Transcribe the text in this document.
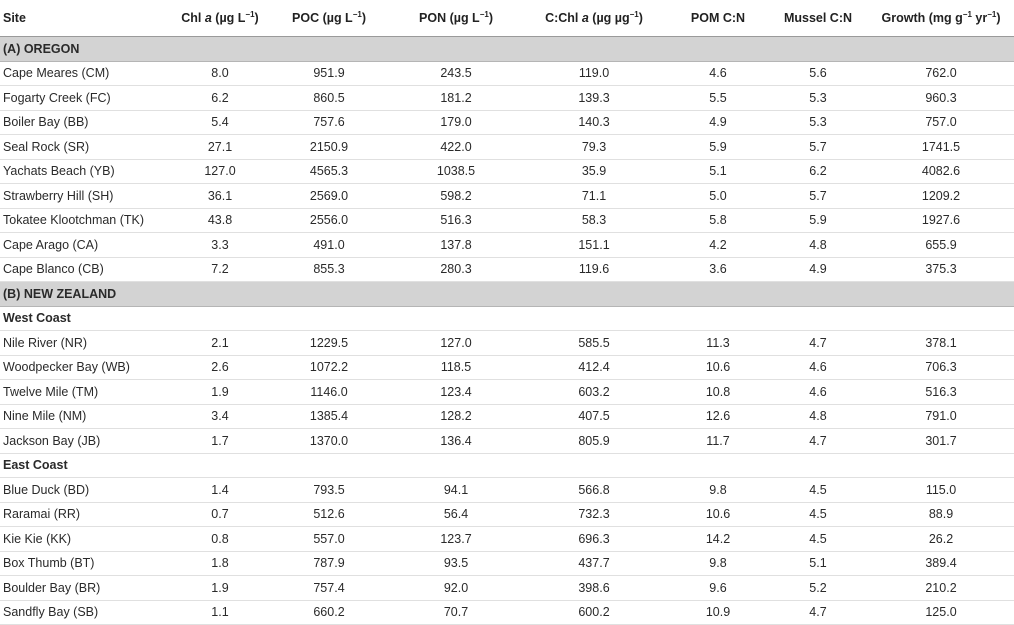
Site	Chl a (µg $L^{-1}$)	POC (µg $L^{-1}$)	PON (µg $L^{-1}$)	C:Chl a (µg µg$^{-1}$)	POM C:N	Mussel C:N	Growth (mg $g^{-1}$ $yr^{-1}$)
(A) OREGON							
Cape Meares (CM)	8.0	951.9	243.5	119.0	4.6	5.6	762.0
Fogarty Creek (FC)	6.2	860.5	181.2	139.3	5.5	5.3	960.3
Boiler Bay (BB)	5.4	757.6	179.0	140.3	4.9	5.3	757.0
Seal Rock (SR)	27.1	2150.9	422.0	79.3	5.9	5.7	1741.5
Yachats Beach (YB)	127.0	4565.3	1038.5	35.9	5.1	6.2	4082.6
Strawberry Hill (SH)	36.1	2569.0	598.2	71.1	5.0	5.7	1209.2
Tokatee Klootchman (TK)	43.8	2556.0	516.3	58.3	5.8	5.9	1927.6
Cape Arago (CA)	3.3	491.0	137.8	151.1	4.2	4.8	655.9
Cape Blanco (CB)	7.2	855.3	280.3	119.6	3.6	4.9	375.3
(B) NEW ZEALAND							
West Coast							
Nile River (NR)	2.1	1229.5	127.0	585.5	11.3	4.7	378.1
Woodpecker Bay (WB)	2.6	1072.2	118.5	412.4	10.6	4.6	706.3
Twelve Mile (TM)	1.9	1146.0	123.4	603.2	10.8	4.6	516.3
Nine Mile (NM)	3.4	1385.4	128.2	407.5	12.6	4.8	791.0
Jackson Bay (JB)	1.7	1370.0	136.4	805.9	11.7	4.7	301.7
East Coast							
Blue Duck (BD)	1.4	793.5	94.1	566.8	9.8	4.5	115.0
Raramai (RR)	0.7	512.6	56.4	732.3	10.6	4.5	88.9
Kie Kie (KK)	0.8	557.0	123.7	696.3	14.2	4.5	26.2
Box Thumb (BT)	1.8	787.9	93.5	437.7	9.8	5.1	389.4
Boulder Bay (BR)	1.9	757.4	92.0	398.6	9.6	5.2	210.2
Sandfly Bay (SB)	1.1	660.2	70.7	600.2	10.9	4.7	125.0
